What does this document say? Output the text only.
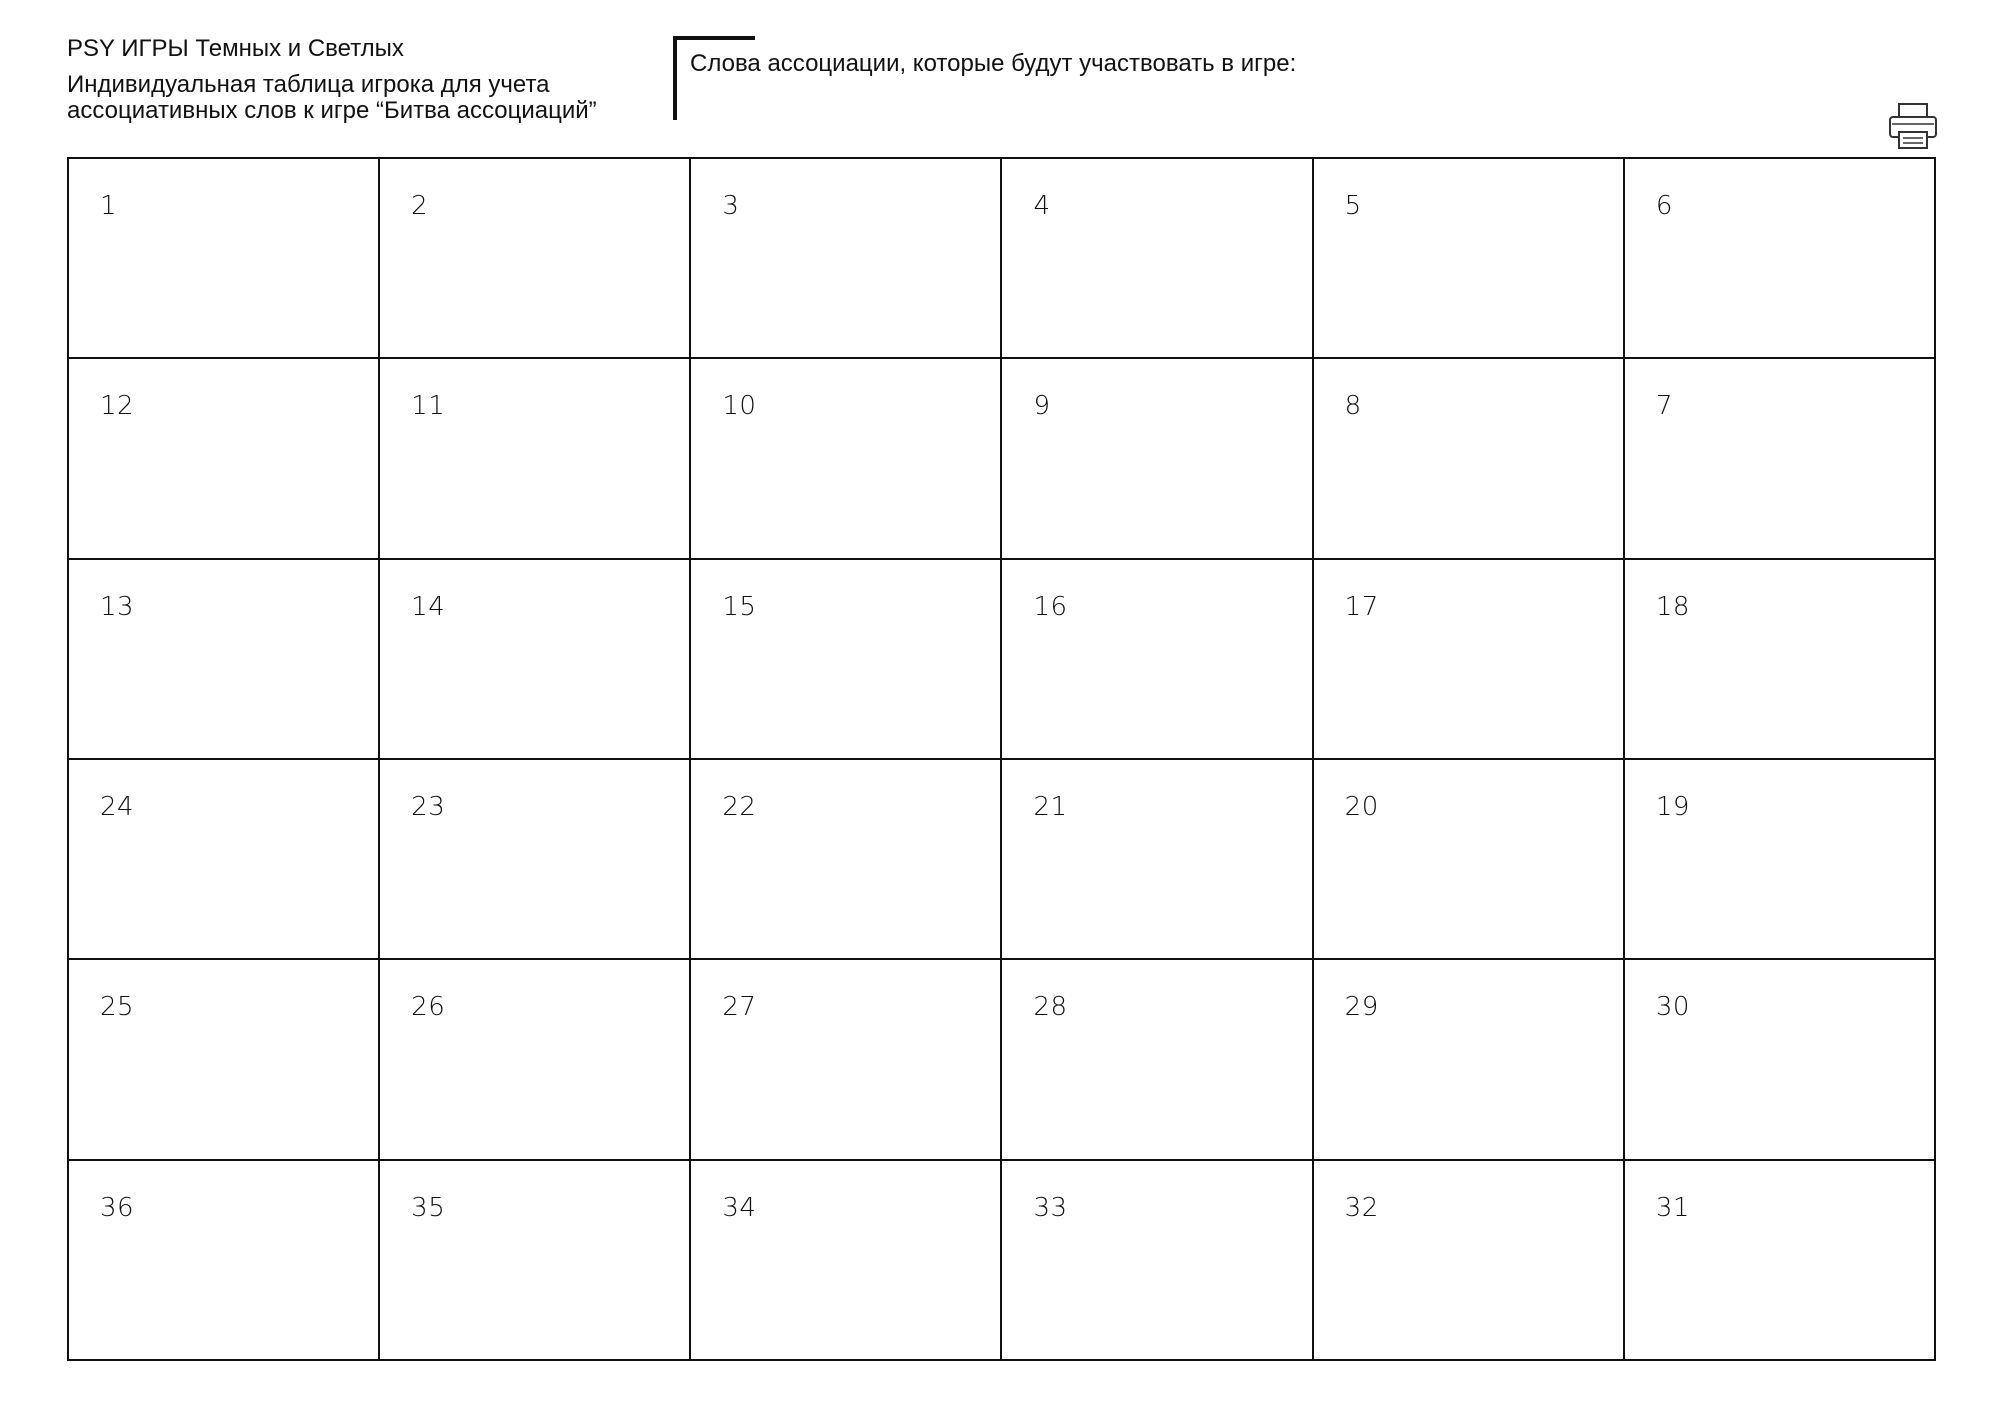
PSY ИГРЫ Темных и Светлых
Индивидуальная таблица игрока для учета ассоциативных слов к игре “Битва ассоциаций”
Слова ассоциации, которые будут участвовать в игре:
1	2	3	4	5	6
12	11	10	9	8	7
13	14	15	16	17	18
24	23	22	21	20	19
25	26	27	28	29	30
36	35	34	33	32	31
